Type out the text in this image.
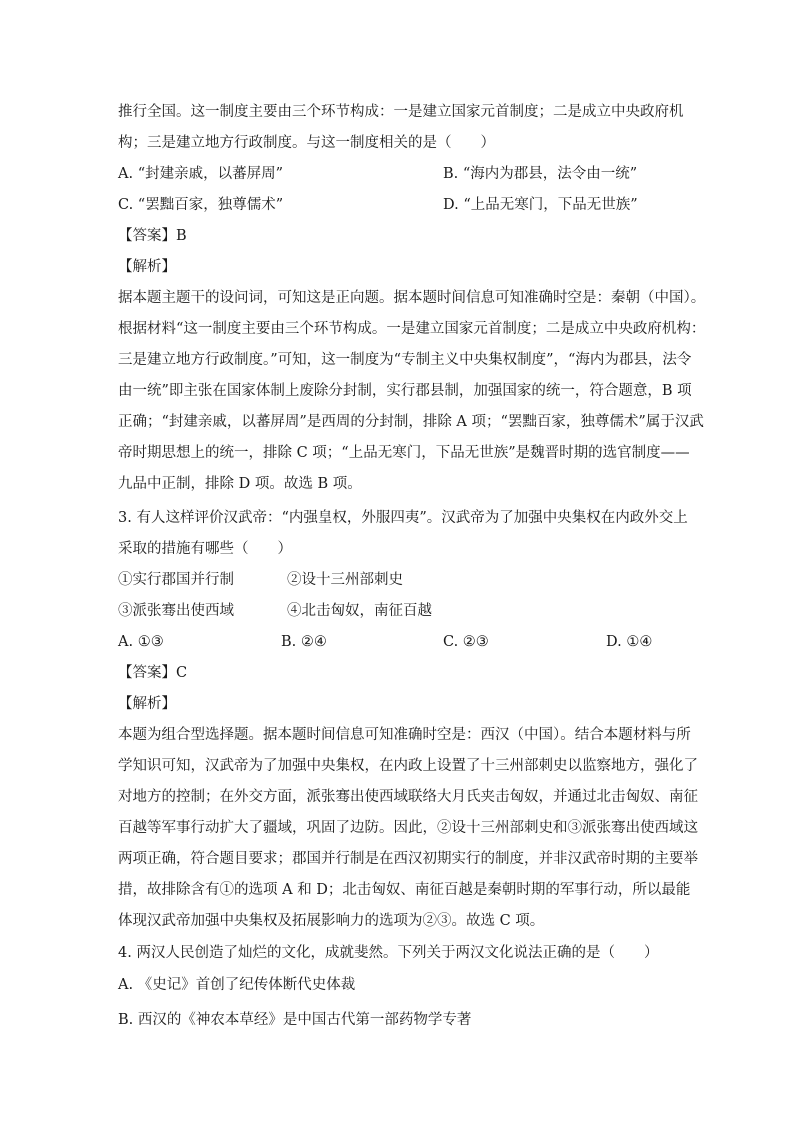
推行全国。这一制度主要由三个环节构成：一是建立国家元首制度；二是成立中央政府机
构；三是建立地方行政制度。与这一制度相关的是（　　）
A. “封建亲戚，以蕃屏周”	B. “海内为郡县，法令由一统”
C. “罢黜百家，独尊儒术”	D. “上品无寒门，下品无世族”
【答案】B
【解析】
据本题主题干的设问词，可知这是正向题。据本题时间信息可知准确时空是：秦朝（中国）。
根据材料“这一制度主要由三个环节构成。一是建立国家元首制度；二是成立中央政府机构：
三是建立地方行政制度。”可知，这一制度为“专制主义中央集权制度”，“海内为郡县，法令
由一统”即主张在国家体制上废除分封制，实行郡县制，加强国家的统一，符合题意，B 项
正确；“封建亲戚，以蕃屏周”是西周的分封制，排除 A 项；“罢黜百家，独尊儒术”属于汉武
帝时期思想上的统一，排除 C 项；“上品无寒门，下品无世族”是魏晋时期的选官制度——
九品中正制，排除 D 项。故选 B 项。
3. 有人这样评价汉武帝：“内强皇权，外服四夷”。汉武帝为了加强中央集权在内政外交上
采取的措施有哪些（　　）
①实行郡国并行制	②设十三州部刺史
③派张骞出使西域	④北击匈奴，南征百越
A. ①③	B. ②④	C. ②③	D. ①④
【答案】C
【解析】
本题为组合型选择题。据本题时间信息可知准确时空是：西汉（中国）。结合本题材料与所
学知识可知，汉武帝为了加强中央集权，在内政上设置了十三州部刺史以监察地方，强化了
对地方的控制；在外交方面，派张骞出使西域联络大月氏夹击匈奴，并通过北击匈奴、南征
百越等军事行动扩大了疆域，巩固了边防。因此，②设十三州部刺史和③派张骞出使西域这
两项正确，符合题目要求；郡国并行制是在西汉初期实行的制度，并非汉武帝时期的主要举
措，故排除含有①的选项 A 和 D；北击匈奴、南征百越是秦朝时期的军事行动，所以最能
体现汉武帝加强中央集权及拓展影响力的选项为②③。故选 C 项。
4. 两汉人民创造了灿烂的文化，成就斐然。下列关于两汉文化说法正确的是（　　）
A. 《史记》首创了纪传体断代史体裁
B. 西汉的《神农本草经》是中国古代第一部药物学专著
